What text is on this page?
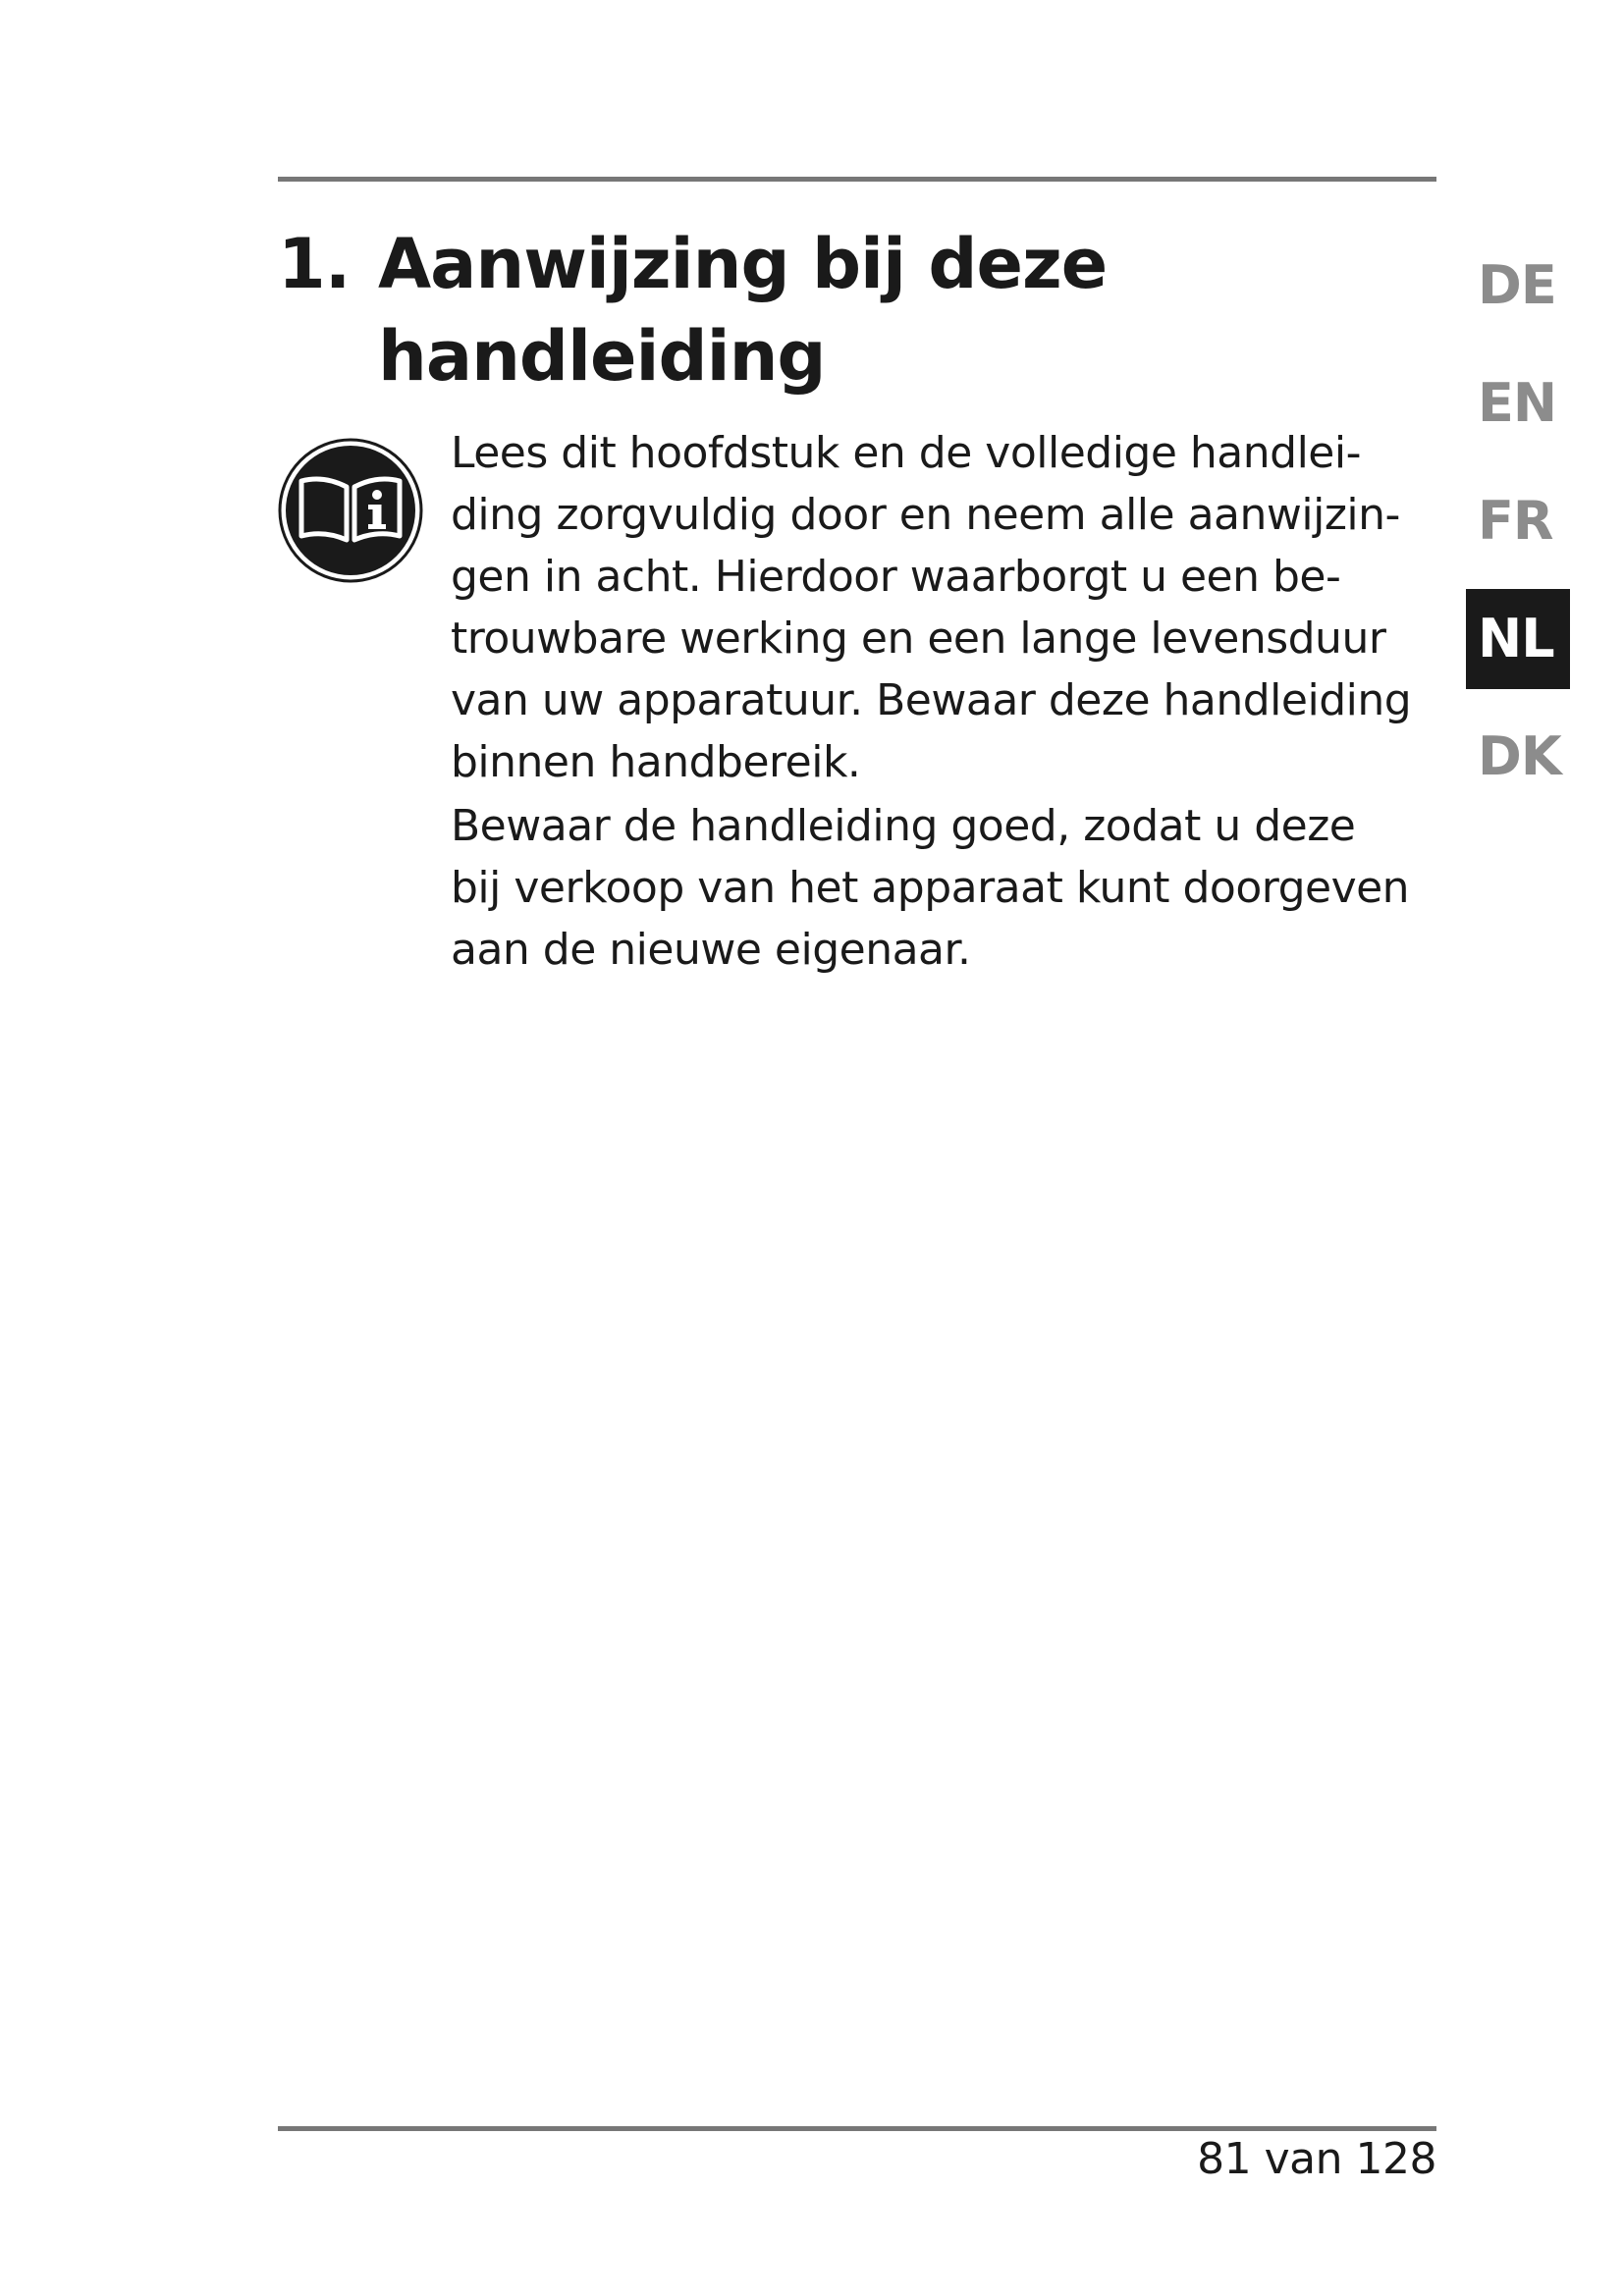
1. Aanwijzing bij deze
handleiding

Lees dit hoofdstuk en de volledige handlei-
ding zorgvuldig door en neem alle aanwijzin-
gen in acht. Hierdoor waarborgt u een be-
trouwbare werking en een lange levensduur
van uw apparatuur. Bewaar deze handleiding
binnen handbereik.

Bewaar de handleiding goed, zodat u deze
bij verkoop van het apparaat kunt doorgeven
aan de nieuwe eigenaar.

DE
EN
FR
NL
DK
81 van 128
